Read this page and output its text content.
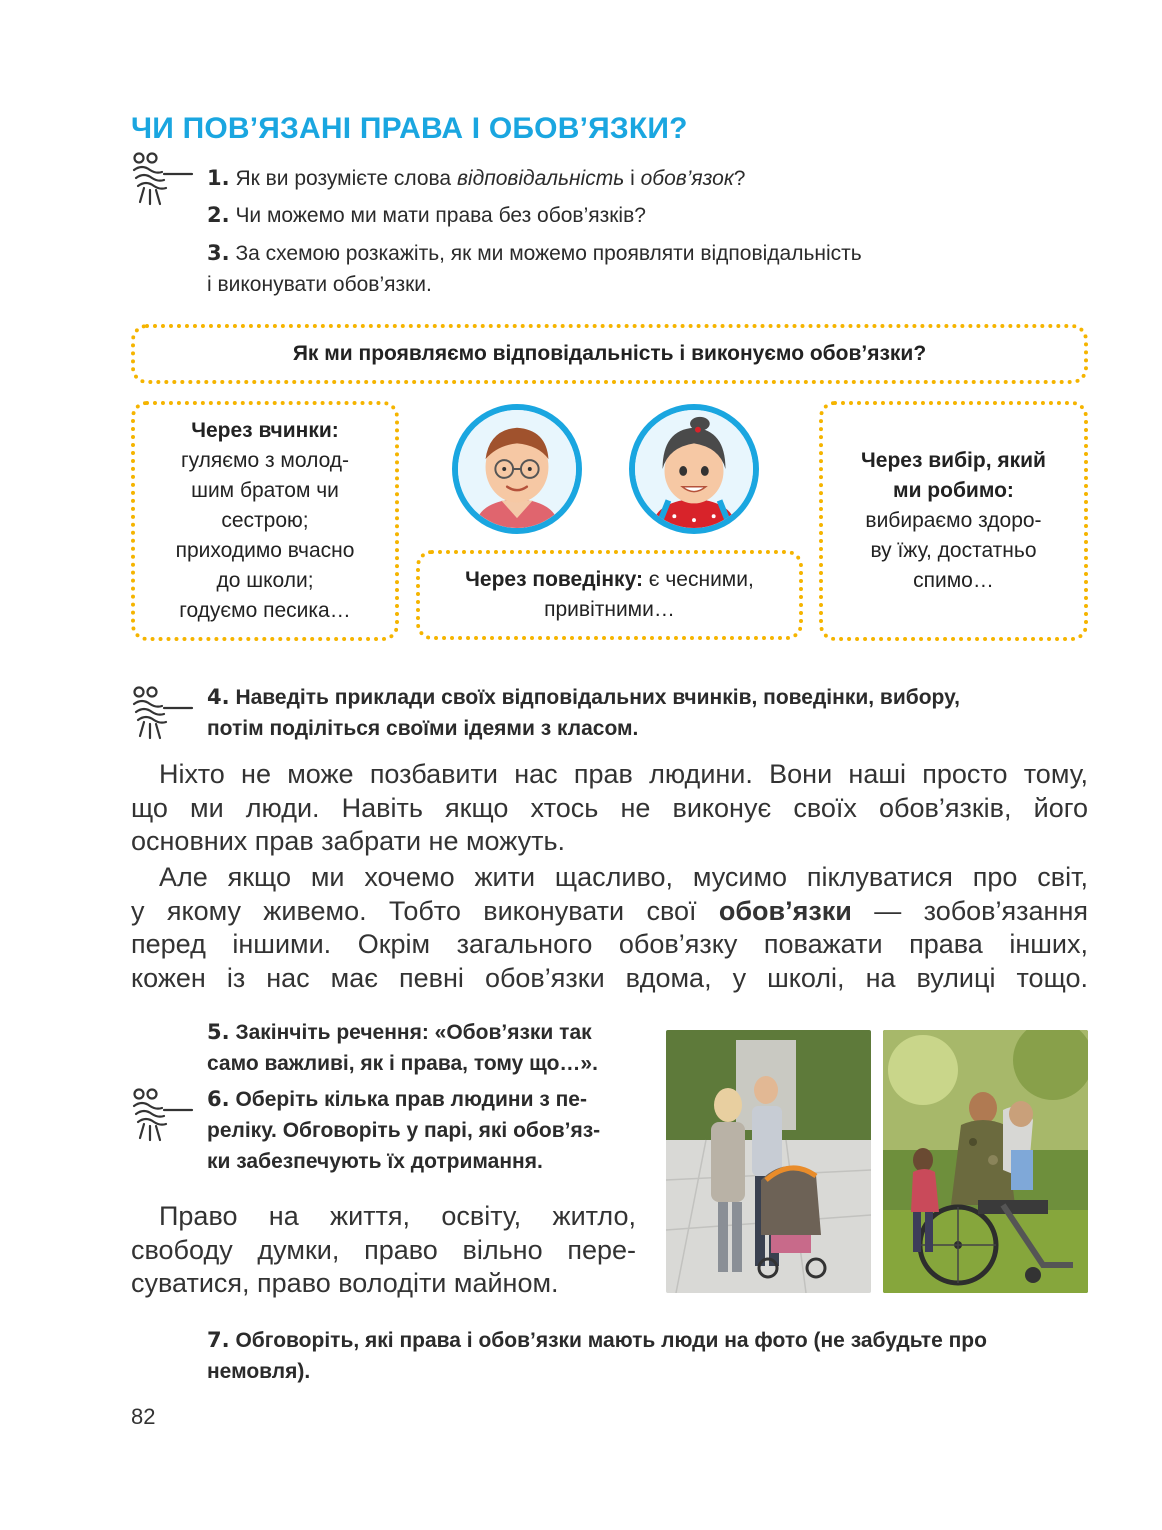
ЧИ ПОВ’ЯЗАНІ ПРАВА І ОБОВ’ЯЗКИ?
1. Як ви розумієте слова відповідальність і обов’язок?
2. Чи можемо ми мати права без обов’язків?
3. За схемою розкажіть, як ми можемо проявляти відповідальність
і виконувати обов’язки.
Як ми проявляємо відповідальність і виконуємо обов’язки?
Через вчинки:
гуляємо з молод-
шим братом чи
сестрою;
приходимо вчасно
до школи;
годуємо песика…
Через поведінку: є чесними,
привітними…
Через вибір, який
ми робимо:
вибираємо здоро-
ву їжу, достатньо
спимо…
4. Наведіть приклади своїх відповідальних вчинків, поведінки, вибору,
потім поділіться своїми ідеями з класом.
Ніхто не може позбавити нас прав людини. Вони наші просто тому,
що ми люди. Навіть якщо хтось не виконує своїх обов’язків, його
основних прав забрати не можуть.
Але якщо ми хочемо жити щасливо, мусимо піклуватися про світ,
у якому живемо. Тобто виконувати свої обов’язки — зобов’язання
перед іншими. Окрім загального обов’язку поважати права інших,
кожен із нас має певні обов’язки вдома, у школі, на вулиці тощо.
5. Закінчіть речення: «Обов’язки так
само важливі, як і права, тому що…».
6. Оберіть кілька прав людини з пе-
реліку. Обговоріть у парі, які обов’яз-
ки забезпечують їх дотримання.
Право на життя, освіту, житло,
свободу думки, право вільно пере-
суватися, право володіти майном.
7. Обговоріть, які права і обов’язки мають люди на фото (не забудьте про
немовля).
82
